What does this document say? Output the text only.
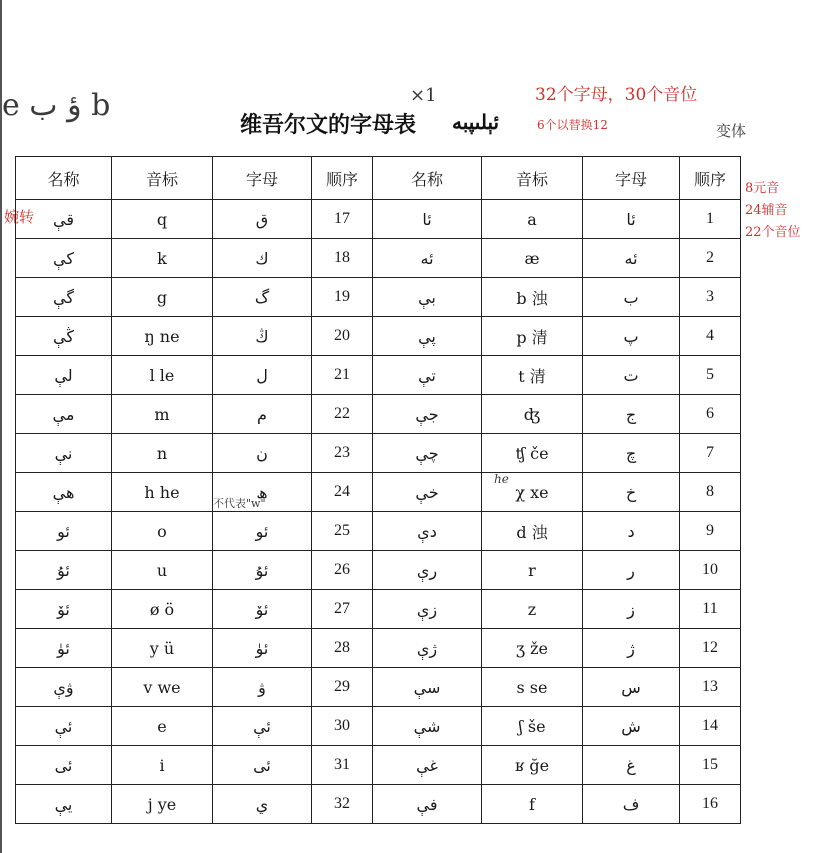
e ؤ ب b	×1
维吾尔文的字母表 ئېلىپبە
32个字母，30个音位
6个以替换12	变体
8元音
24辅音
22个音位
婉转
不代表"w"
he
名称	音标	字母	顺序	名称	音标	字母	顺序
قې	q	ق	17	ئا	a	ئا	1
كې	k	ك	18	ئە	æ	ئە	2
گې	g	گ	19	بې	b 浊	ب	3
ڭې	ŋ ne	ڭ	20	پې	p 清	پ	4
لې	l le	ل	21	تې	t 清	ت	5
مې	m	م	22	جې	ʤ	ج	6
نې	n	ن	23	چې	ʧ če	چ	7
ھې	h he	ھ	24	خې	χ xe	خ	8
ئو	o	ئو	25	دې	d 浊	د	9
ئۇ	u	ئۇ	26	رې	r	ر	10
ئۆ	ø ö	ئۆ	27	زې	z	ز	11
ئۈ	y ü	ئۈ	28	ژې	ʒ že	ژ	12
ۋې	v we	ۋ	29	سې	s se	س	13
ئې	e	ئې	30	شې	ʃ še	ش	14
ئى	i	ئى	31	غې	ʁ ğe	غ	15
يې	j ye	ي	32	فې	f	ف	16
